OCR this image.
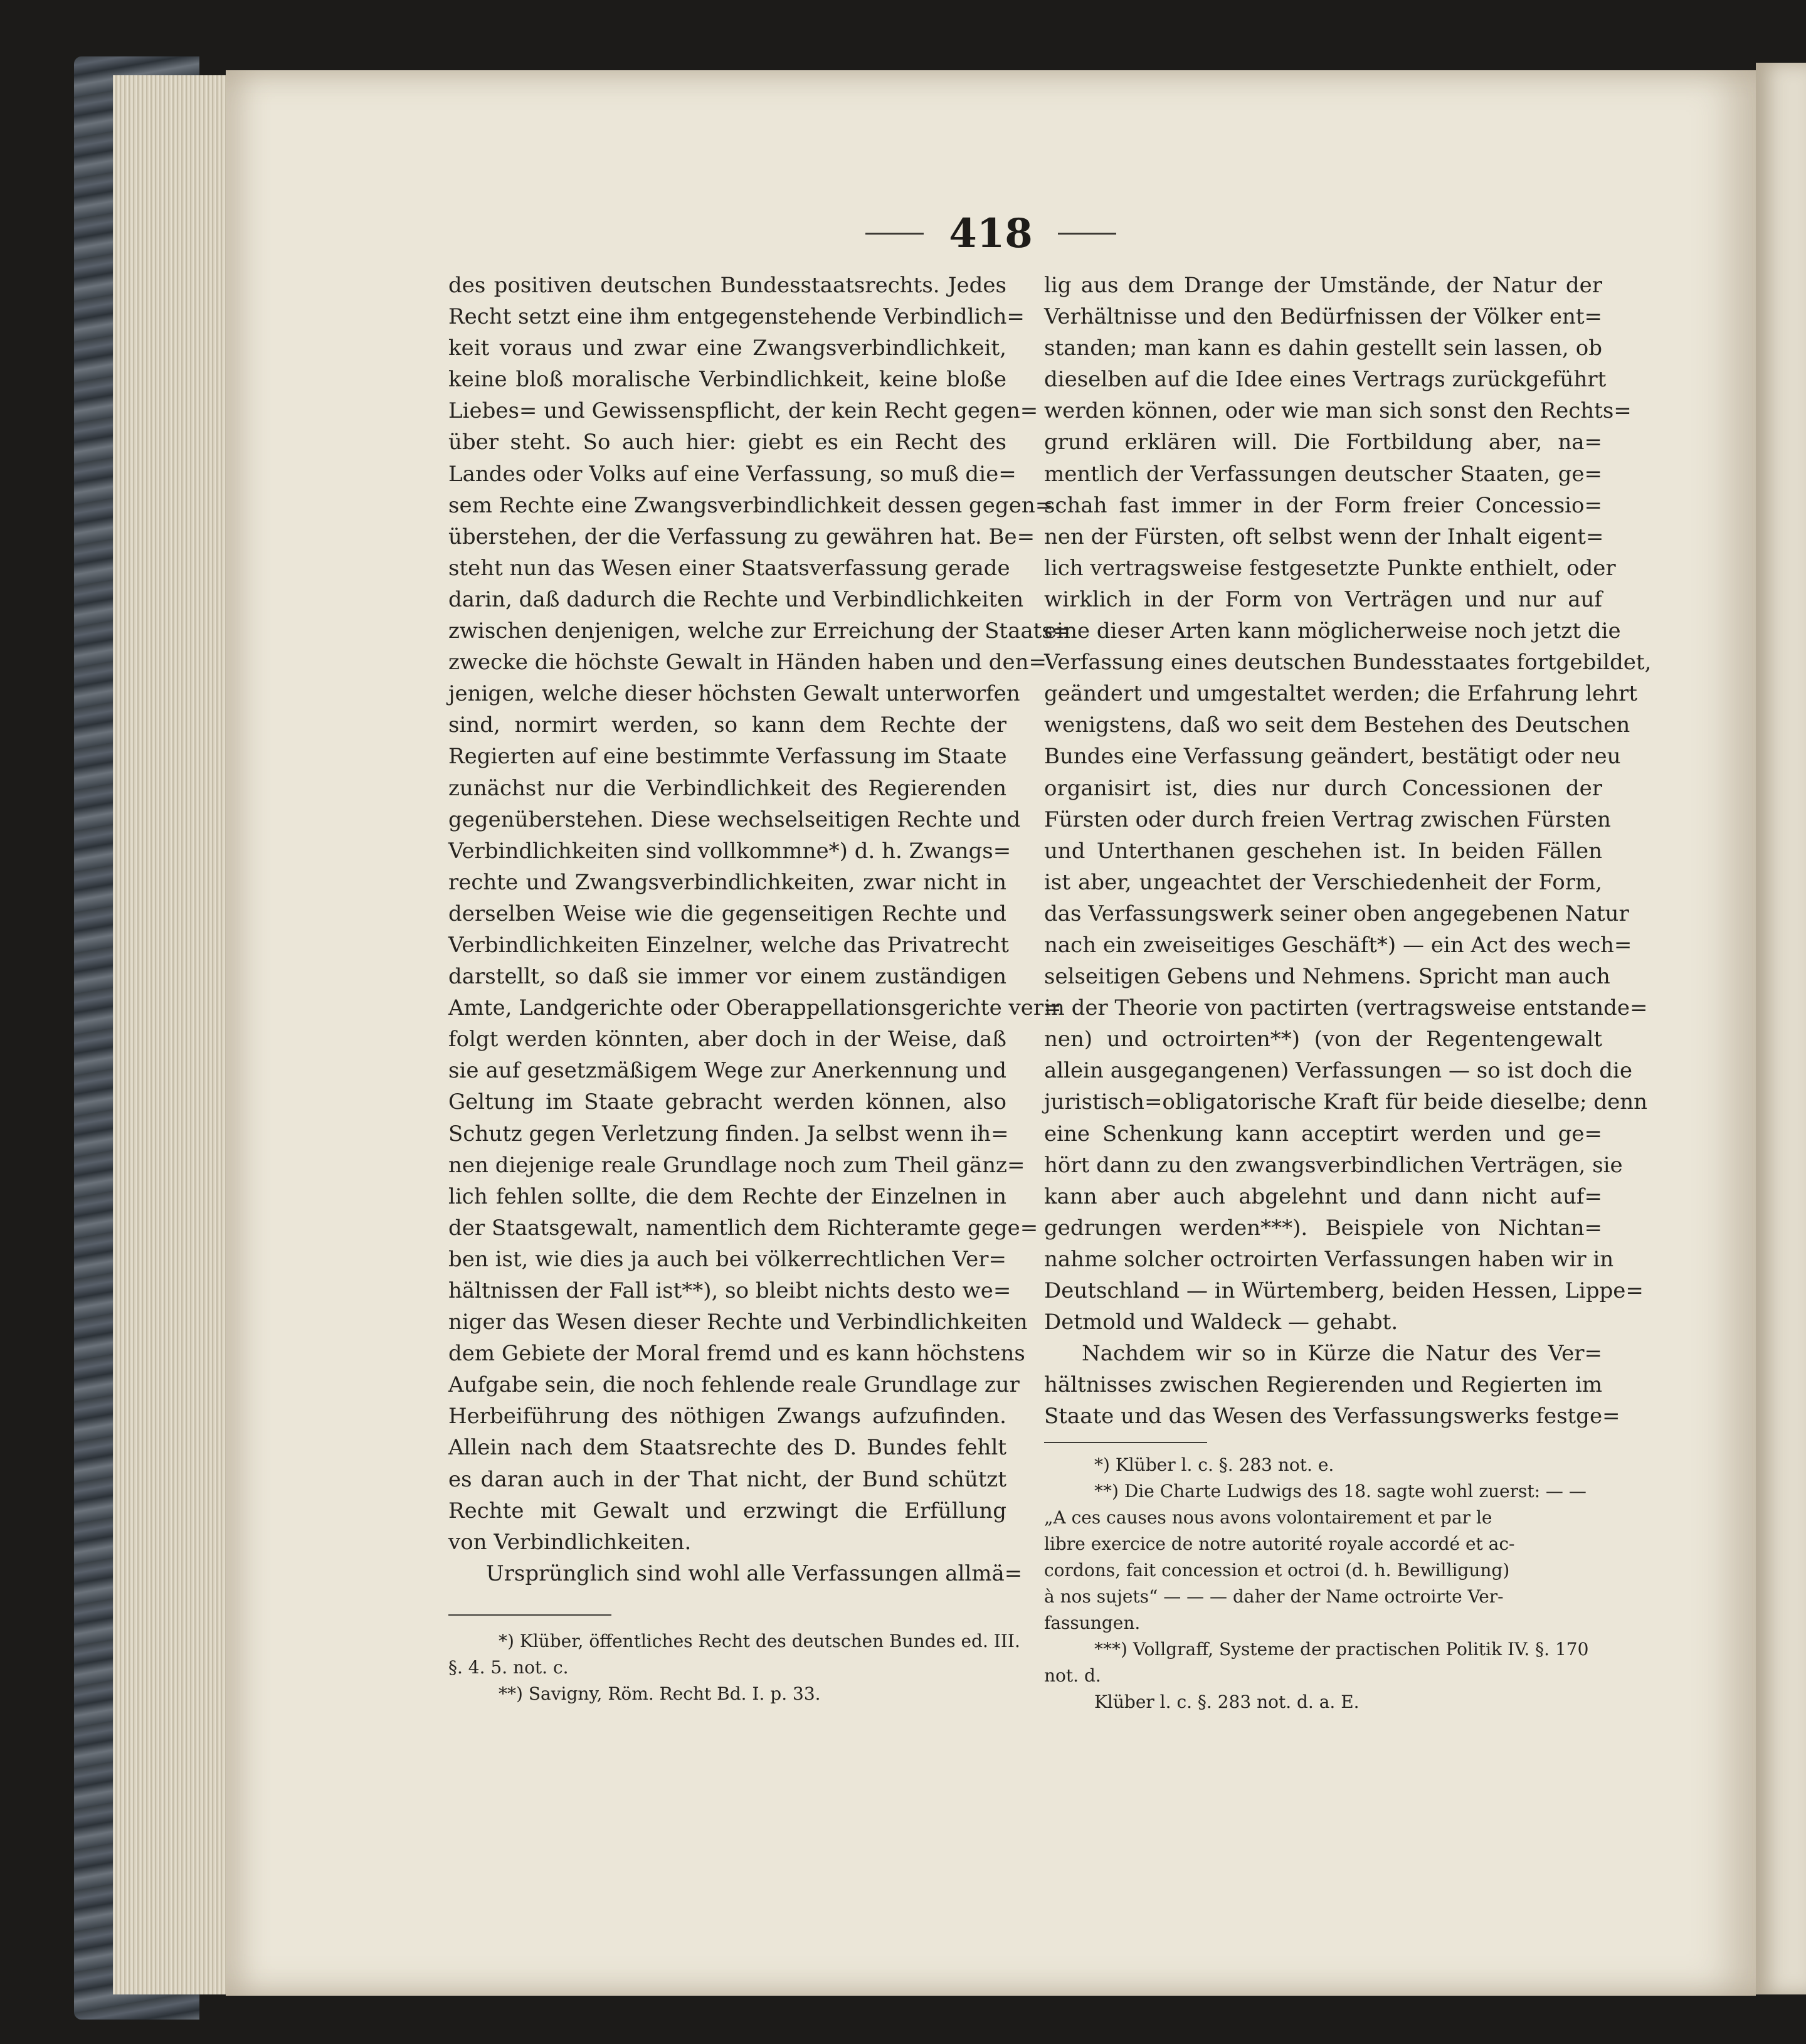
418
des positiven deutschen Bundesstaatsrechts. Jedes
Recht setzt eine ihm entgegenstehende Verbindlich=
keit voraus und zwar eine Zwangsverbindlichkeit,
keine bloß moralische Verbindlichkeit, keine bloße
Liebes= und Gewissenspflicht, der kein Recht gegen=
über steht. So auch hier: giebt es ein Recht des
Landes oder Volks auf eine Verfassung, so muß die=
sem Rechte eine Zwangsverbindlichkeit dessen gegen=
überstehen, der die Verfassung zu gewähren hat. Be=
steht nun das Wesen einer Staatsverfassung gerade
darin, daß dadurch die Rechte und Verbindlichkeiten
zwischen denjenigen, welche zur Erreichung der Staats=
zwecke die höchste Gewalt in Händen haben und den=
jenigen, welche dieser höchsten Gewalt unterworfen
sind, normirt werden, so kann dem Rechte der
Regierten auf eine bestimmte Verfassung im Staate
zunächst nur die Verbindlichkeit des Regierenden
gegenüberstehen. Diese wechselseitigen Rechte und
Verbindlichkeiten sind vollkommne*) d. h. Zwangs=
rechte und Zwangsverbindlichkeiten, zwar nicht in
derselben Weise wie die gegenseitigen Rechte und
Verbindlichkeiten Einzelner, welche das Privatrecht
darstellt, so daß sie immer vor einem zuständigen
Amte, Landgerichte oder Oberappellationsgerichte ver=
folgt werden könnten, aber doch in der Weise, daß
sie auf gesetzmäßigem Wege zur Anerkennung und
Geltung im Staate gebracht werden können, also
Schutz gegen Verletzung finden. Ja selbst wenn ih=
nen diejenige reale Grundlage noch zum Theil gänz=
lich fehlen sollte, die dem Rechte der Einzelnen in
der Staatsgewalt, namentlich dem Richteramte gege=
ben ist, wie dies ja auch bei völkerrechtlichen Ver=
hältnissen der Fall ist**), so bleibt nichts desto we=
niger das Wesen dieser Rechte und Verbindlichkeiten
dem Gebiete der Moral fremd und es kann höchstens
Aufgabe sein, die noch fehlende reale Grundlage zur
Herbeiführung des nöthigen Zwangs aufzufinden.
Allein nach dem Staatsrechte des D. Bundes fehlt
es daran auch in der That nicht, der Bund schützt
Rechte mit Gewalt und erzwingt die Erfüllung
von Verbindlichkeiten.
Ursprünglich sind wohl alle Verfassungen allmä=
*) Klüber, öffentliches Recht des deutschen Bundes ed. III.
§. 4. 5. not. c.
**) Savigny, Röm. Recht Bd. I. p. 33.
lig aus dem Drange der Umstände, der Natur der
Verhältnisse und den Bedürfnissen der Völker ent=
standen; man kann es dahin gestellt sein lassen, ob
dieselben auf die Idee eines Vertrags zurückgeführt
werden können, oder wie man sich sonst den Rechts=
grund erklären will. Die Fortbildung aber, na=
mentlich der Verfassungen deutscher Staaten, ge=
schah fast immer in der Form freier Concessio=
nen der Fürsten, oft selbst wenn der Inhalt eigent=
lich vertragsweise festgesetzte Punkte enthielt, oder
wirklich in der Form von Verträgen und nur auf
eine dieser Arten kann möglicherweise noch jetzt die
Verfassung eines deutschen Bundesstaates fortgebildet,
geändert und umgestaltet werden; die Erfahrung lehrt
wenigstens, daß wo seit dem Bestehen des Deutschen
Bundes eine Verfassung geändert, bestätigt oder neu
organisirt ist, dies nur durch Concessionen der
Fürsten oder durch freien Vertrag zwischen Fürsten
und Unterthanen geschehen ist. In beiden Fällen
ist aber, ungeachtet der Verschiedenheit der Form,
das Verfassungswerk seiner oben angegebenen Natur
nach ein zweiseitiges Geschäft*) — ein Act des wech=
selseitigen Gebens und Nehmens. Spricht man auch
in der Theorie von pactirten (vertragsweise entstande=
nen) und octroirten**) (von der Regentengewalt
allein ausgegangenen) Verfassungen — so ist doch die
juristisch=obligatorische Kraft für beide dieselbe; denn
eine Schenkung kann acceptirt werden und ge=
hört dann zu den zwangsverbindlichen Verträgen, sie
kann aber auch abgelehnt und dann nicht auf=
gedrungen werden***). Beispiele von Nichtan=
nahme solcher octroirten Verfassungen haben wir in
Deutschland — in Würtemberg, beiden Hessen, Lippe=
Detmold und Waldeck — gehabt.
Nachdem wir so in Kürze die Natur des Ver=
hältnisses zwischen Regierenden und Regierten im
Staate und das Wesen des Verfassungswerks festge=
*) Klüber l. c. §. 283 not. e.
**) Die Charte Ludwigs des 18. sagte wohl zuerst: — —
„A ces causes nous avons volontairement et par le
libre exercice de notre autorité royale accordé et ac-
cordons, fait concession et octroi (d. h. Bewilligung)
à nos sujets“ — — — daher der Name octroirte Ver-
fassungen.
***) Vollgraff, Systeme der practischen Politik IV. §. 170
not. d.
Klüber l. c. §. 283 not. d. a. E.
